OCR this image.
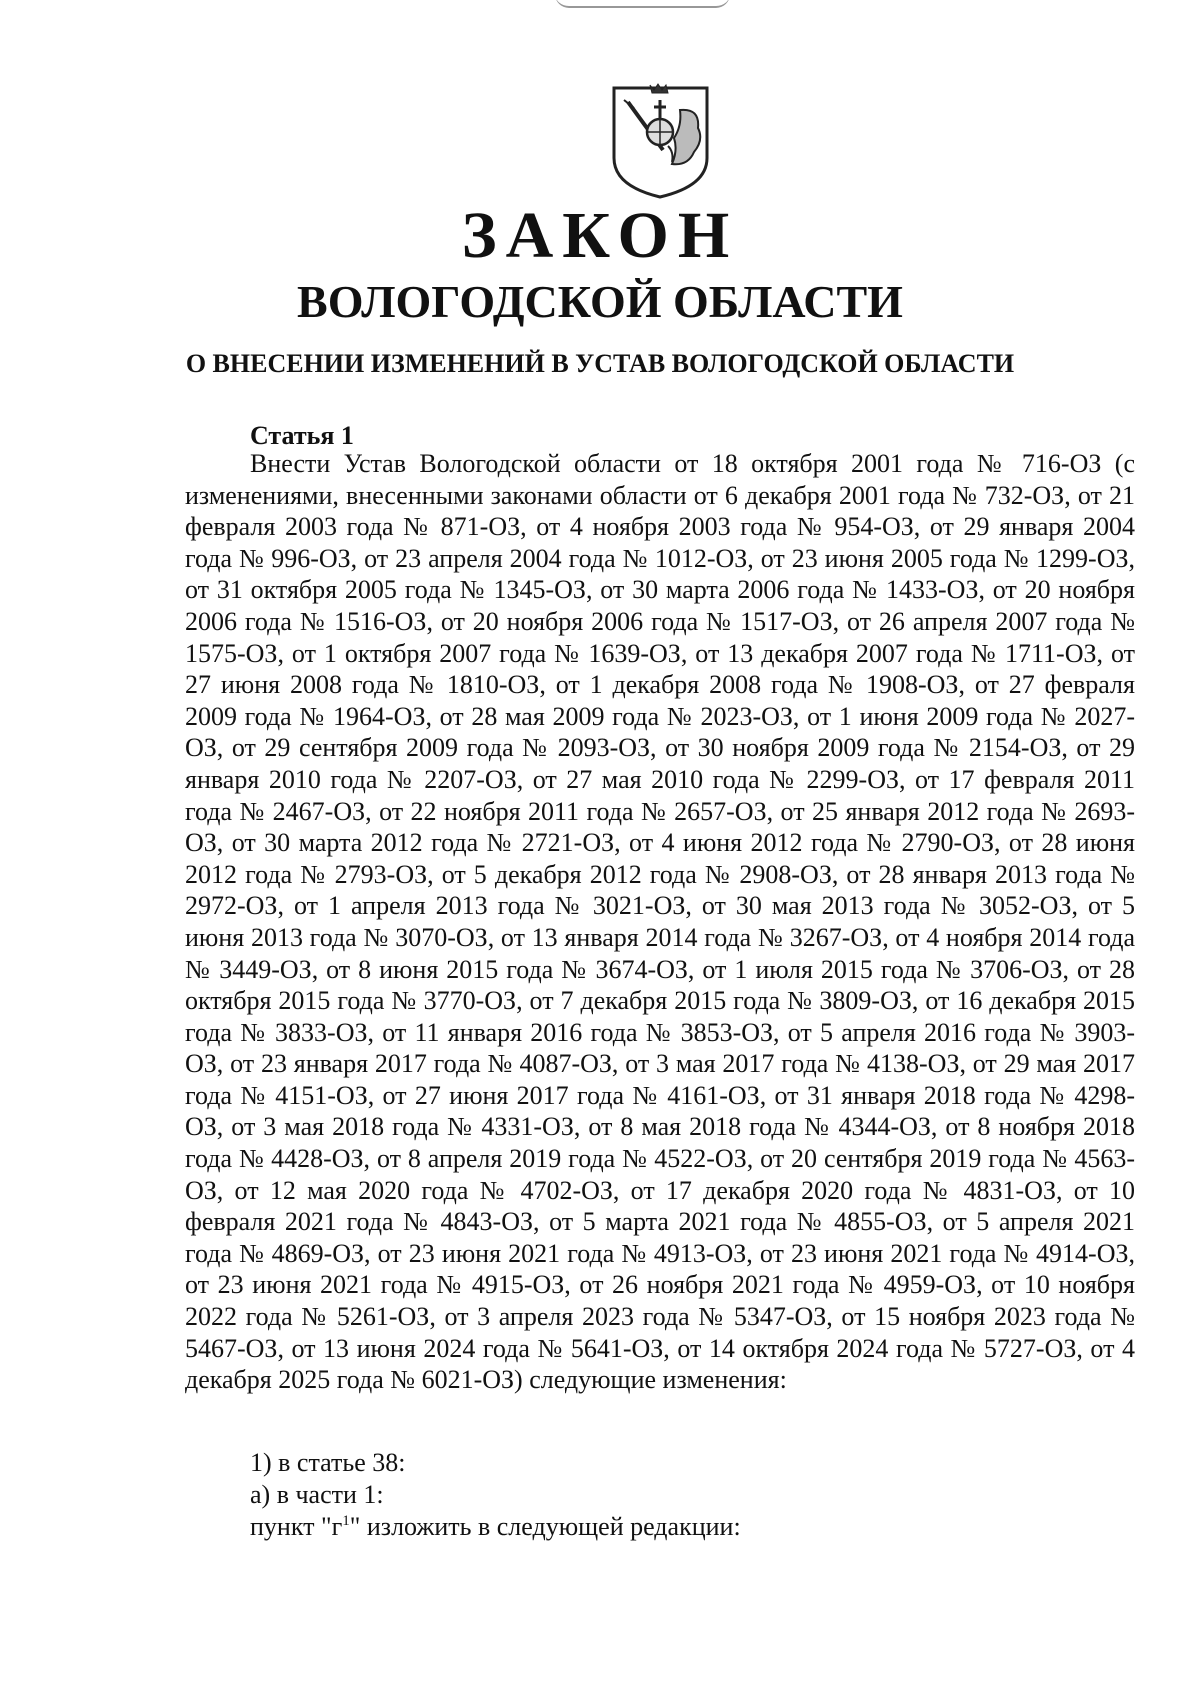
ЗАКОН
ВОЛОГОДСКОЙ ОБЛАСТИ
О ВНЕСЕНИИ ИЗМЕНЕНИЙ В УСТАВ ВОЛОГОДСКОЙ ОБЛАСТИ
Статья 1

Внести Устав Вологодской области от 18 октября 2001 года № 716-ОЗ (с изменениями, внесенными законами области от 6 декабря 2001 года № 732-ОЗ, от 21 февраля 2003 года № 871-ОЗ, от 4 ноября 2003 года № 954-ОЗ, от 29 января 2004 года № 996-ОЗ, от 23 апреля 2004 года № 1012-ОЗ, от 23 июня 2005 года № 1299-ОЗ, от 31 октября 2005 года № 1345-ОЗ, от 30 марта 2006 года № 1433-ОЗ, от 20 ноября 2006 года № 1516-ОЗ, от 20 ноября 2006 года № 1517-ОЗ, от 26 апреля 2007 года № 1575-ОЗ, от 1 октября 2007 года № 1639-ОЗ, от 13 декабря 2007 года № 1711-ОЗ, от 27 июня 2008 года № 1810-ОЗ, от 1 декабря 2008 года № 1908-ОЗ, от 27 февраля 2009 года № 1964-ОЗ, от 28 мая 2009 года № 2023-ОЗ, от 1 июня 2009 года № 2027-ОЗ, от 29 сентября 2009 года № 2093-ОЗ, от 30 ноября 2009 года № 2154-ОЗ, от 29 января 2010 года № 2207-ОЗ, от 27 мая 2010 года № 2299-ОЗ, от 17 февраля 2011 года № 2467-ОЗ, от 22 ноября 2011 года № 2657-ОЗ, от 25 января 2012 года № 2693-ОЗ, от 30 марта 2012 года № 2721-ОЗ, от 4 июня 2012 года № 2790-ОЗ, от 28 июня 2012 года № 2793-ОЗ, от 5 декабря 2012 года № 2908-ОЗ, от 28 января 2013 года № 2972-ОЗ, от 1 апреля 2013 года № 3021-ОЗ, от 30 мая 2013 года № 3052-ОЗ, от 5 июня 2013 года № 3070-ОЗ, от 13 января 2014 года № 3267-ОЗ, от 4 ноября 2014 года № 3449-ОЗ, от 8 июня 2015 года № 3674-ОЗ, от 1 июля 2015 года № 3706-ОЗ, от 28 октября 2015 года № 3770-ОЗ, от 7 декабря 2015 года № 3809-ОЗ, от 16 декабря 2015 года № 3833-ОЗ, от 11 января 2016 года № 3853-ОЗ, от 5 апреля 2016 года № 3903-ОЗ, от 23 января 2017 года № 4087-ОЗ, от 3 мая 2017 года № 4138-ОЗ, от 29 мая 2017 года № 4151-ОЗ, от 27 июня 2017 года № 4161-ОЗ, от 31 января 2018 года № 4298-ОЗ, от 3 мая 2018 года № 4331-ОЗ, от 8 мая 2018 года № 4344-ОЗ, от 8 ноября 2018 года № 4428-ОЗ, от 8 апреля 2019 года № 4522-ОЗ, от 20 сентября 2019 года № 4563-ОЗ, от 12 мая 2020 года № 4702-ОЗ, от 17 декабря 2020 года № 4831-ОЗ, от 10 февраля 2021 года № 4843-ОЗ, от 5 марта 2021 года № 4855-ОЗ, от 5 апреля 2021 года № 4869-ОЗ, от 23 июня 2021 года № 4913-ОЗ, от 23 июня 2021 года № 4914-ОЗ, от 23 июня 2021 года № 4915-ОЗ, от 26 ноября 2021 года № 4959-ОЗ, от 10 ноября 2022 года № 5261-ОЗ, от 3 апреля 2023 года № 5347-ОЗ, от 15 ноября 2023 года № 5467-ОЗ, от 13 июня 2024 года № 5641-ОЗ, от 14 октября 2024 года № 5727-ОЗ, от 4 декабря 2025 года № 6021-ОЗ) следующие изменения:

1) в статье 38:
а) в части 1:
пункт "$г^1$" изложить в следующей редакции:
